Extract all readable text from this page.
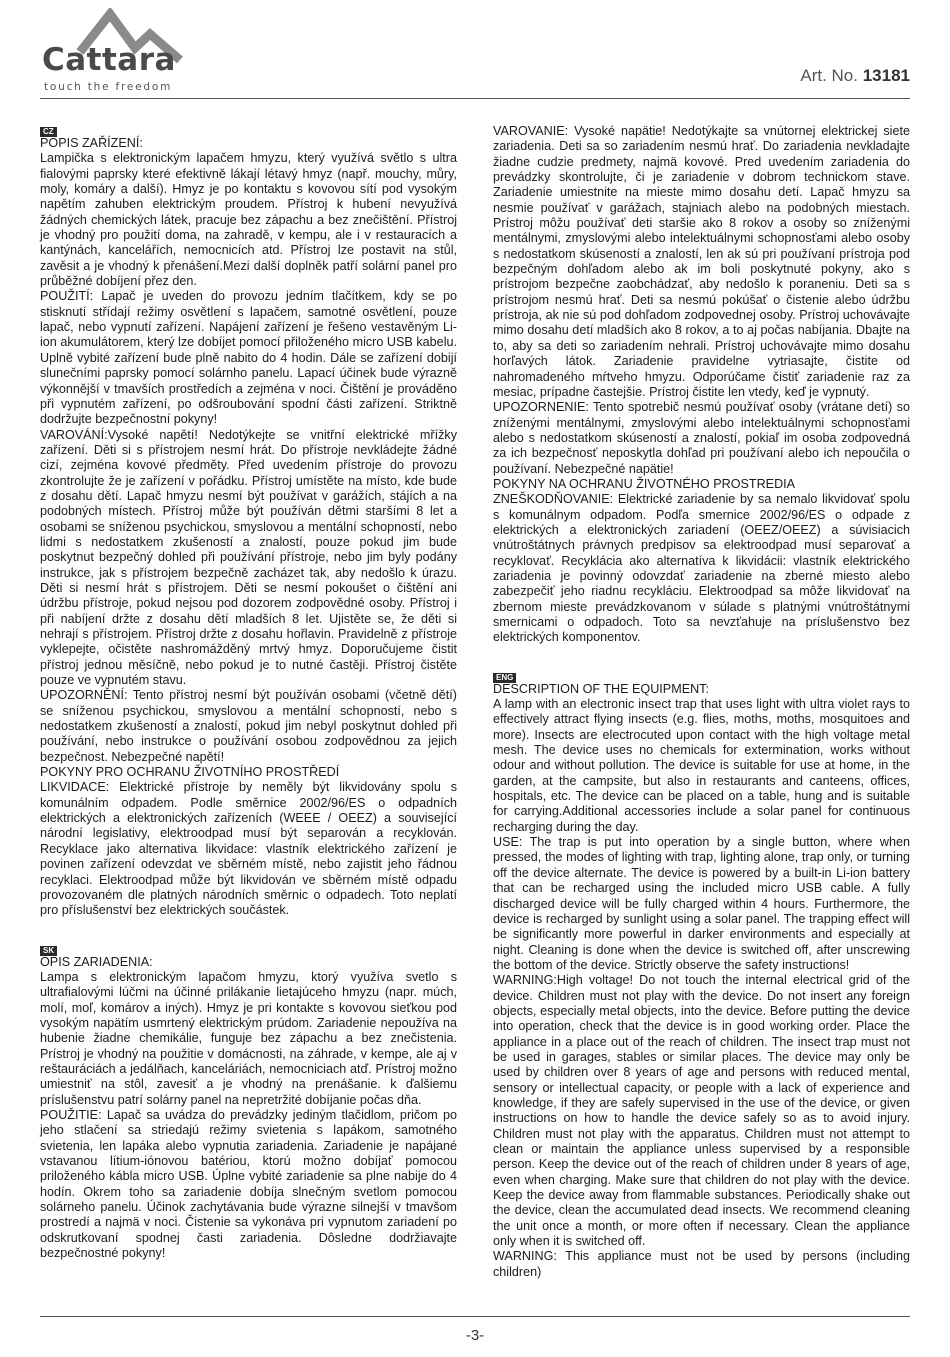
Cattara
touch the freedom
Art. No. 13181
CZ

POPIS ZAŘÍZENÍ:

Lampička s elektronickým lapačem hmyzu, který využívá světlo s ultra fialovými paprsky které efektivně lákají létavý hmyz (např. mouchy, můry, moly, komáry a další). Hmyz je po kontaktu s kovovou sítí pod vysokým napětím zahuben elektrickým proudem. Přístroj k hubení nevyužívá žádných chemických látek, pracuje bez zápachu a bez znečištění. Přístroj je vhodný pro použití doma, na zahradě, v kempu, ale i v restauracích a kantýnách, kancelářích, nemocnicích atd. Přístroj lze postavit na stůl, zavěsit a je vhodný k přenášení.Mezi další doplněk patří solární panel pro průběžné dobíjení přez den.

POUŽITÍ: Lapač je uveden do provozu jedním tlačítkem, kdy se po stisknutí střídají režimy osvětlení s lapačem, samotné osvětlení, pouze lapač, nebo vypnutí zařízení. Napájení zařízení je řešeno vestavěným Li-ion akumulátorem, který lze dobíjet pomocí přiloženého micro USB kabelu. Uplně vybité zařízení bude plně nabito do 4 hodin. Dále se zařízení dobijí slunečními paprsky pomocí solárnho panelu. Lapací účinek bude výrazně výkonnější v tmavších prostředích a zejména v noci. Čištění je prováděno při vypnutém zařízení, po odšroubování spodní části zařízení. Striktně dodržujte bezpečnostní pokyny!

VAROVÁNÍ:Vysoké napětí! Nedotýkejte se vnitřní elektrické mřížky zařízení. Děti si s přístrojem nesmí hrát. Do přístroje nevkládejte žádné cizí, zejména kovové předměty. Před uvedením přístroje do provozu zkontrolujte že je zařízení v pořádku. Přístroj umístěte na místo, kde bude z dosahu dětí. Lapač hmyzu nesmí být používat v garážích, stájích a na podobných místech. Přístroj může být používán dětmi staršími 8 let a osobami se sníženou psychickou, smyslovou a mentální schopností, nebo lidmi s nedostatkem zkušeností a znalostí, pouze pokud jim bude poskytnut bezpečný dohled při používání přístroje, nebo jim byly podány instrukce, jak s přístrojem bezpečně zacházet tak, aby nedošlo k úrazu. Děti si nesmí hrát s přístrojem. Děti se nesmí pokoušet o čištění ani údržbu přístroje, pokud nejsou pod dozorem zodpovědné osoby. Přístroj i při nabíjení držte z dosahu dětí mladších 8 let. Ujistěte se, že děti si nehrají s přístrojem. Přístroj držte z dosahu hořlavin. Pravidelně z přístroje vyklepejte, očistěte nashromážděný mrtvý hmyz. Doporučujeme čistit přístroj jednou měsíčně, nebo pokud je to nutné častěji. Přístroj čistěte pouze ve vypnutém stavu.

UPOZORNĚNÍ: Tento přístroj nesmí být používán osobami (včetně dětí) se sníženou psychickou, smyslovou a mentální schopností, nebo s nedostatkem zkušeností a znalostí, pokud jim nebyl poskytnut dohled při používání, nebo instrukce o používání osobou zodpovědnou za jejich bezpečnost. Nebezpečné napětí!

POKYNY PRO OCHRANU ŽIVOTNÍHO PROSTŘEDÍ

LIKVIDACE: Elektrické přístroje by neměly být likvidovány spolu s komunálním odpadem. Podle směrnice 2002/96/ES o odpadních elektrických a elektronických zařízeních (WEEE / OEEZ) a související národní legislativy, elektroodpad musí být separován a recyklován. Recyklace jako alternativa likvidace: vlastník elektrického zařízení je povinen zařízení odevzdat ve sběrném místě, nebo zajistit jeho řádnou recyklaci. Elektroodpad může být likvidován ve sběrném místě odpadu provozovaném dle platných národních směrnic o odpadech. Toto neplatí pro příslušenství bez elektrických součástek.

SK

OPIS ZARIADENIA:

Lampa s elektronickým lapačom hmyzu, ktorý využíva svetlo s ultrafialovými lúčmi na účinné prilákanie lietajúceho hmyzu (napr. múch, molí, moľ, komárov a iných). Hmyz je pri kontakte s kovovou sieťkou pod vysokým napätím usmrtený elektrickým prúdom. Zariadenie nepoužíva na hubenie žiadne chemikálie, funguje bez zápachu a bez znečistenia. Prístroj je vhodný na použitie v domácnosti, na záhrade, v kempe, ale aj v reštauráciách a jedálňach, kanceláriách, nemocniciach atď. Prístroj možno umiestniť na stôl, zavesiť a je vhodný na prenášanie. k ďalšiemu príslušenstvu patrí solárny panel na nepretržité dobíjanie počas dňa.

POUŽITIE: Lapač sa uvádza do prevádzky jediným tlačidlom, pričom po jeho stlačení sa striedajú režimy svietenia s lapákom, samotného svietenia, len lapáka alebo vypnutia zariadenia. Zariadenie je napájané vstavanou lítium-iónovou batériou, ktorú možno dobíjať pomocou priloženého kábla micro USB. Úplne vybité zariadenie sa plne nabije do 4 hodín. Okrem toho sa zariadenie dobíja slnečným svetlom pomocou solárneho panelu. Účinok zachytávania bude výrazne silnejší v tmavšom prostredí a najmä v noci. Čistenie sa vykonáva pri vypnutom zariadení po odskrutkovaní spodnej časti zariadenia. Dôsledne dodržiavajte bezpečnostné pokyny!

VAROVANIE: Vysoké napätie! Nedotýkajte sa vnútornej elektrickej siete zariadenia. Deti sa so zariadením nesmú hrať. Do zariadenia nevkladajte žiadne cudzie predmety, najmä kovové. Pred uvedením zariadenia do prevádzky skontrolujte, či je zariadenie v dobrom technickom stave. Zariadenie umiestnite na mieste mimo dosahu detí. Lapač hmyzu sa nesmie používať v garážach, stajniach alebo na podobných miestach. Prístroj môžu používať deti staršie ako 8 rokov a osoby so zníženými mentálnymi, zmyslovými alebo intelektuálnymi schopnosťami alebo osoby s nedostatkom skúseností a znalostí, len ak sú pri používaní prístroja pod bezpečným dohľadom alebo ak im boli poskytnuté pokyny, ako s prístrojom bezpečne zaobchádzať, aby nedošlo k poraneniu. Deti sa s prístrojom nesmú hrať. Deti sa nesmú pokúšať o čistenie alebo údržbu prístroja, ak nie sú pod dohľadom zodpovednej osoby. Prístroj uchovávajte mimo dosahu detí mladších ako 8 rokov, a to aj počas nabíjania. Dbajte na to, aby sa deti so zariadením nehrali. Prístroj uchovávajte mimo dosahu horľavých látok. Zariadenie pravidelne vytriasajte, čistite od nahromadeného mŕtveho hmyzu. Odporúčame čistiť zariadenie raz za mesiac, prípadne častejšie. Prístroj čistite len vtedy, keď je vypnutý.

UPOZORNENIE: Tento spotrebič nesmú používať osoby (vrátane detí) so zníženými mentálnymi, zmyslovými alebo intelektuálnymi schopnosťami alebo s nedostatkom skúseností a znalostí, pokiaľ im osoba zodpovedná za ich bezpečnosť neposkytla dohľad pri používaní alebo ich nepoučila o používaní. Nebezpečné napätie!

POKYNY NA OCHRANU ŽIVOTNÉHO PROSTREDIA

ZNEŠKODŇOVANIE: Elektrické zariadenie by sa nemalo likvidovať spolu s komunálnym odpadom. Podľa smernice 2002/96/ES o odpade z elektrických a elektronických zariadení (OEEZ/OEEZ) a súvisiacich vnútroštátnych právnych predpisov sa elektroodpad musí separovať a recyklovať. Recyklácia ako alternatíva k likvidácii: vlastník elektrického zariadenia je povinný odovzdať zariadenie na zberné miesto alebo zabezpečiť jeho riadnu recykláciu. Elektroodpad sa môže likvidovať na zbernom mieste prevádzkovanom v súlade s platnými vnútroštátnymi smernicami o odpadoch. Toto sa nevzťahuje na príslušenstvo bez elektrických komponentov.

ENG

DESCRIPTION OF THE EQUIPMENT:

A lamp with an electronic insect trap that uses light with ultra violet rays to effectively attract flying insects (e.g. flies, moths, moths, mosquitoes and more). Insects are electrocuted upon contact with the high voltage metal mesh. The device uses no chemicals for extermination, works without odour and without pollution. The device is suitable for use at home, in the garden, at the campsite, but also in restaurants and canteens, offices, hospitals, etc. The device can be placed on a table, hung and is suitable for carrying.Additional accessories include a solar panel for continuous recharging during the day.

USE: The trap is put into operation by a single button, where when pressed, the modes of lighting with trap, lighting alone, trap only, or turning off the device alternate. The device is powered by a built-in Li-ion battery that can be recharged using the included micro USB cable. A fully discharged device will be fully charged within 4 hours. Furthermore, the device is recharged by sunlight using a solar panel. The trapping effect will be significantly more powerful in darker environments and especially at night. Cleaning is done when the device is switched off, after unscrewing the bottom of the device. Strictly observe the safety instructions!

WARNING:High voltage! Do not touch the internal electrical grid of the device. Children must not play with the device. Do not insert any foreign objects, especially metal objects, into the device. Before putting the device into operation, check that the device is in good working order. Place the appliance in a place out of the reach of children. The insect trap must not be used in garages, stables or similar places. The device may only be used by children over 8 years of age and persons with reduced mental, sensory or intellectual capacity, or people with a lack of experience and knowledge, if they are safely supervised in the use of the device, or given instructions on how to handle the device safely so as to avoid injury. Children must not play with the apparatus. Children must not attempt to clean or maintain the appliance unless supervised by a responsible person. Keep the device out of the reach of children under 8 years of age, even when charging. Make sure that children do not play with the device. Keep the device away from flammable substances. Periodically shake out the device, clean the accumulated dead insects. We recommend cleaning the unit once a month, or more often if necessary. Clean the appliance only when it is switched off.

WARNING: This appliance must not be used by persons (including children)

-3-
